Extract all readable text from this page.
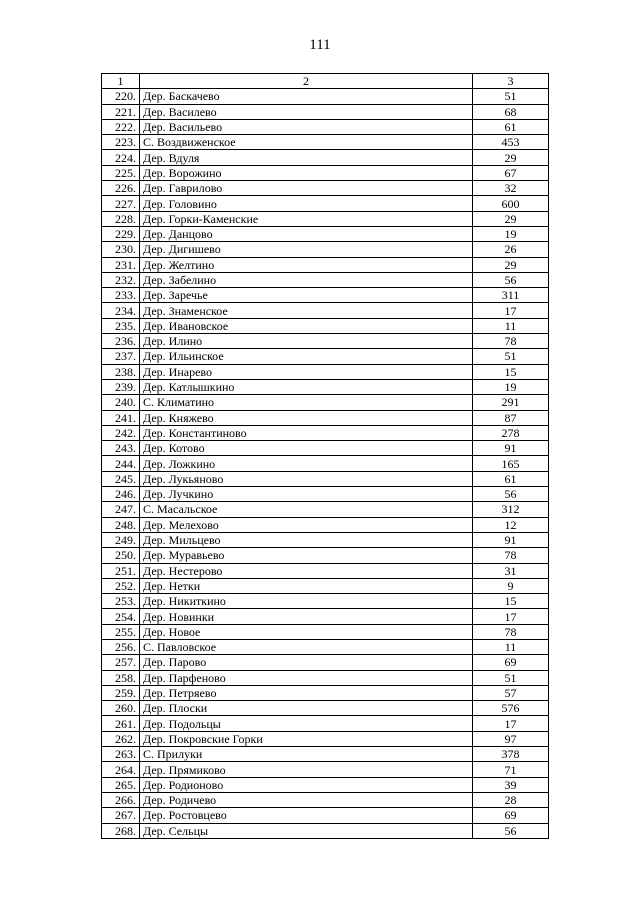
111
1	2	3
220.	Дер. Баскачево	51
221.	Дер. Василево	68
222.	Дер. Васильево	61
223.	С. Воздвиженское	453
224.	Дер. Вдуля	29
225.	Дер. Ворожино	67
226.	Дер. Гаврилово	32
227.	Дер. Головино	600
228.	Дер. Горки-Каменские	29
229.	Дер. Данцово	19
230.	Дер. Дигишево	26
231.	Дер. Желтино	29
232.	Дер. Забелино	56
233.	Дер. Заречье	311
234.	Дер. Знаменское	17
235.	Дер. Ивановское	11
236.	Дер. Илино	78
237.	Дер. Ильинское	51
238.	Дер. Инарево	15
239.	Дер. Катлышкино	19
240.	С. Климатино	291
241.	Дер. Княжево	87
242.	Дер. Константиново	278
243.	Дер. Котово	91
244.	Дер. Ложкино	165
245.	Дер. Лукьяново	61
246.	Дер. Лучкино	56
247.	С. Масальское	312
248.	Дер. Мелехово	12
249.	Дер. Мильцево	91
250.	Дер. Муравьево	78
251.	Дер. Нестерово	31
252.	Дер. Нетки	9
253.	Дер. Никиткино	15
254.	Дер. Новинки	17
255.	Дер. Новое	78
256.	С. Павловское	11
257.	Дер. Парово	69
258.	Дер. Парфеново	51
259.	Дер. Петряево	57
260.	Дер. Плоски	576
261.	Дер. Подольцы	17
262.	Дер. Покровские Горки	97
263.	С. Прилуки	378
264.	Дер. Прямиково	71
265.	Дер. Родионово	39
266.	Дер. Родичево	28
267.	Дер. Ростовцево	69
268.	Дер. Сельцы	56
